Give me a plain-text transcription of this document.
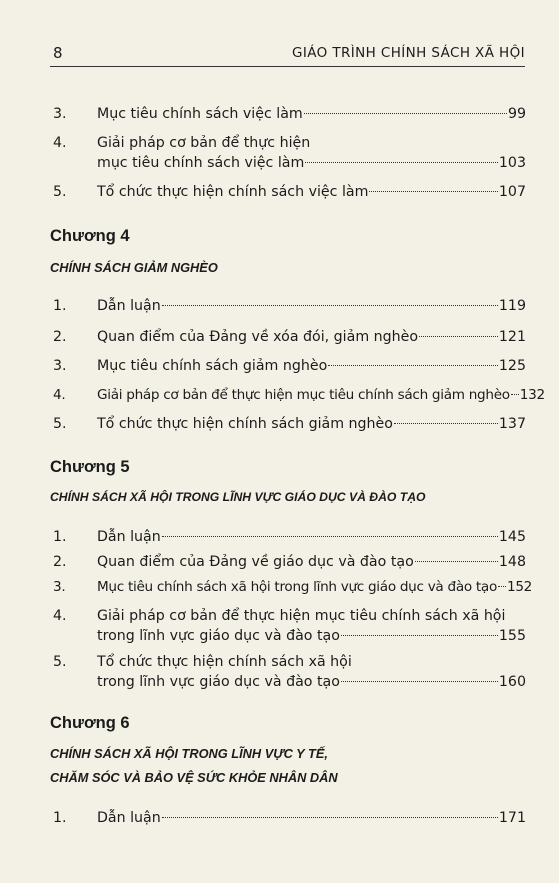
8	GIÁO TRÌNH CHÍNH SÁCH XÃ HỘI
3. Mục tiêu chính sách việc làm	99
4. Giải pháp cơ bản để thực hiện
mục tiêu chính sách việc làm	103
5. Tổ chức thực hiện chính sách việc làm	107
Chương 4
CHÍNH SÁCH GIẢM NGHÈO
1. Dẫn luận	119
2. Quan điểm của Đảng về xóa đói, giảm nghèo	121
3. Mục tiêu chính sách giảm nghèo	125
4. Giải pháp cơ bản để thực hiện mục tiêu chính sách giảm nghèo 132
5. Tổ chức thực hiện chính sách giảm nghèo	137
Chương 5
CHÍNH SÁCH XÃ HỘI TRONG LĨNH VỰC GIÁO DỤC VÀ ĐÀO TẠO
1. Dẫn luận	145
2. Quan điểm của Đảng về giáo dục và đào tạo	148
3. Mục tiêu chính sách xã hội trong lĩnh vực giáo dục và đào tạo 152
4. Giải pháp cơ bản để thực hiện mục tiêu chính sách xã hội
trong lĩnh vực giáo dục và đào tạo	155
5. Tổ chức thực hiện chính sách xã hội
trong lĩnh vực giáo dục và đào tạo	160
Chương 6
CHÍNH SÁCH XÃ HỘI TRONG LĨNH VỰC Y TẾ,
CHĂM SÓC VÀ BẢO VỆ SỨC KHỎE NHÂN DÂN
1. Dẫn luận	171
